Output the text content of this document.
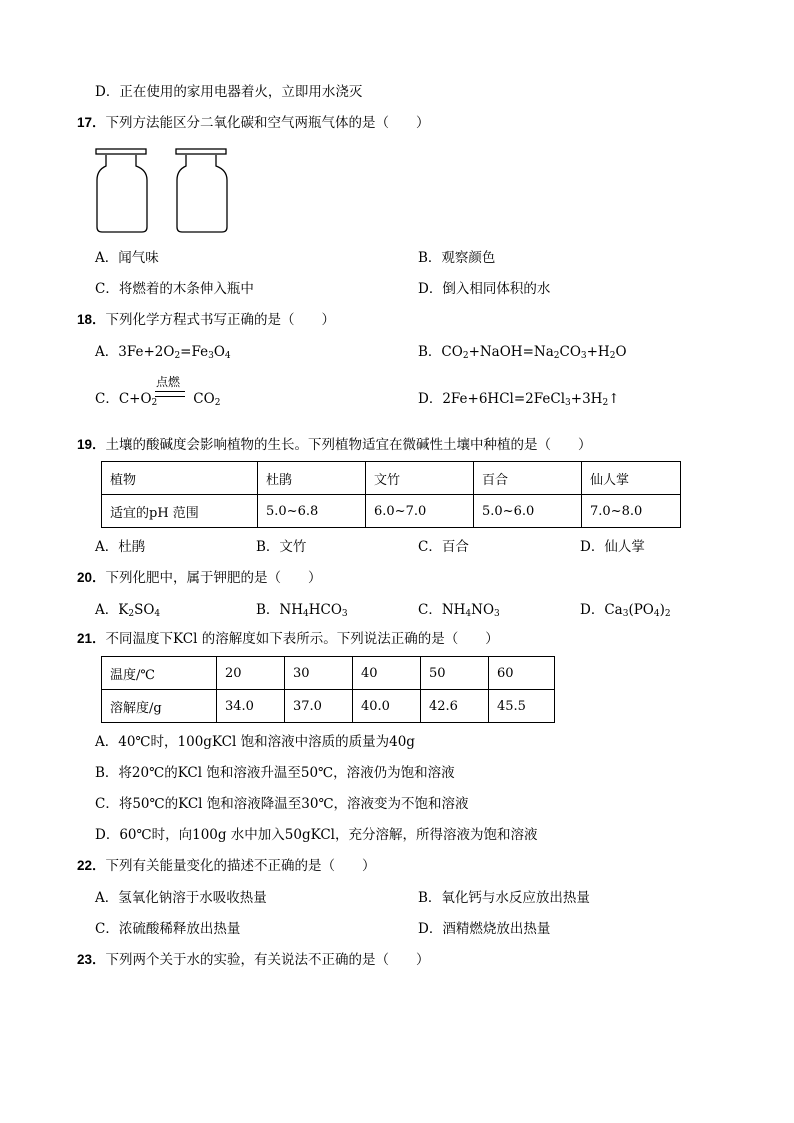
D．正在使用的家用电器着火，立即用水浇灭
17．下列方法能区分二氧化碳和空气两瓶气体的是（　　）
A．闻气味	B．观察颜色
C．将燃着的木条伸入瓶中	D．倒入相同体积的水
18．下列化学方程式书写正确的是（　　）
A．$3Fe+2O_2=Fe_3O_4$	B．$CO_2+NaOH=Na_2CO_3+H_2O$
C．$C+O_2$	$CO_2$
点燃
D．$2Fe+6HCl=2FeCl_3+3H_2↑$
19．土壤的酸碱度会影响植物的生长。下列植物适宜在微碱性土壤中种植的是（　　）
植物	杜鹃	文竹	百合	仙人掌
适宜的pH 范围	5.0~6.8	6.0~7.0	5.0~6.0	7.0~8.0
A．杜鹃	B．文竹	C．百合	D．仙人掌
20．下列化肥中，属于钾肥的是（　　）
A．$K_2SO_4$	B．$NH_4HCO_3$	C．$NH_4NO_3$	D．$Ca_3(PO_4)_2$
21．不同温度下KCl 的溶解度如下表所示。下列说法正确的是（　　）
温度/℃	20	30	40	50	60
溶解度/g	34.0	37.0	40.0	42.6	45.5
A．40℃时，100gKCl 饱和溶液中溶质的质量为40g
B．将20℃的KCl 饱和溶液升温至50℃，溶液仍为饱和溶液
C．将50℃的KCl 饱和溶液降温至30℃，溶液变为不饱和溶液
D．60℃时，向100g 水中加入50gKCl，充分溶解，所得溶液为饱和溶液
22．下列有关能量变化的描述不正确的是（　　）
A．氢氧化钠溶于水吸收热量	B．氧化钙与水反应放出热量
C．浓硫酸稀释放出热量	D．酒精燃烧放出热量
23．下列两个关于水的实验，有关说法不正确的是（　　）
